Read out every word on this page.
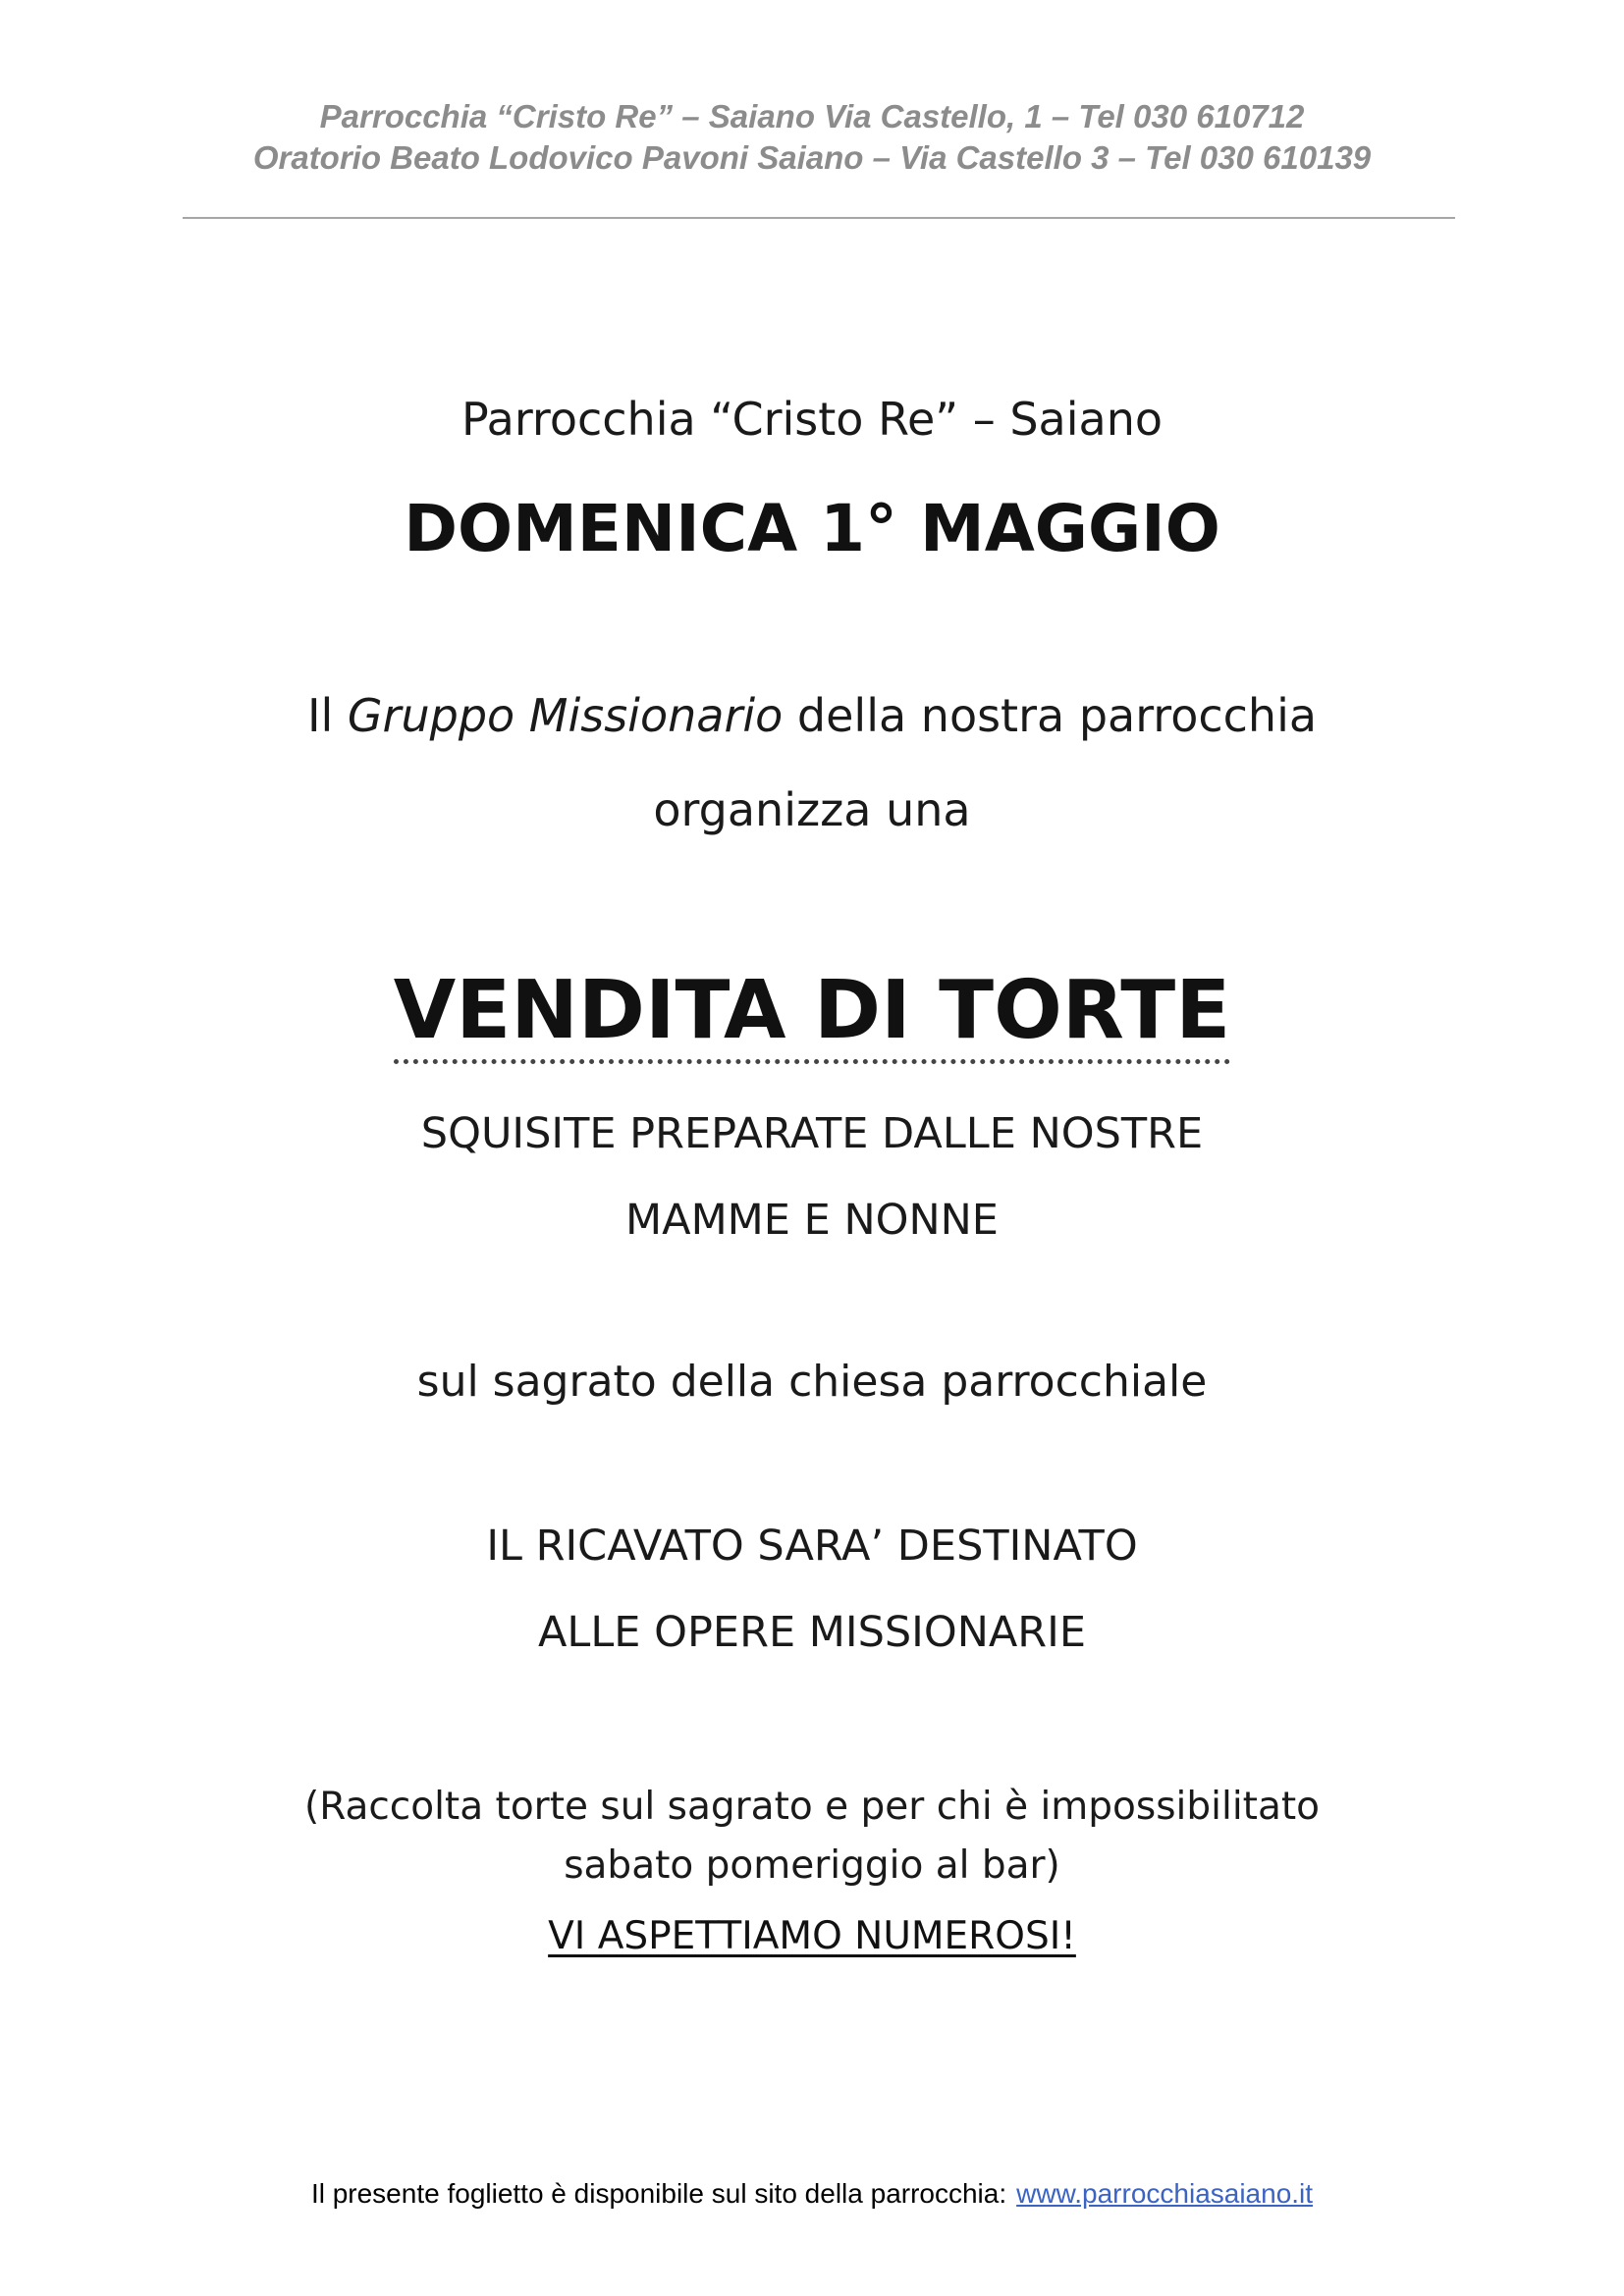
Parrocchia “Cristo Re” – Saiano Via Castello, 1 – Tel 030 610712
Oratorio Beato Lodovico Pavoni Saiano – Via Castello 3 – Tel 030 610139
Parrocchia “Cristo Re” – Saiano
DOMENICA 1° MAGGIO
Il Gruppo Missionario della nostra parrocchia
organizza una
VENDITA DI TORTE
SQUISITE PREPARATE DALLE NOSTRE
MAMME E NONNE
sul sagrato della chiesa parrocchiale
IL RICAVATO SARA’ DESTINATO
ALLE OPERE MISSIONARIE
(Raccolta torte sul sagrato e per chi è impossibilitato
sabato pomeriggio al bar)
VI ASPETTIAMO NUMEROSI!
Il presente foglietto è disponibile sul sito della parrocchia: www.parrocchiasaiano.it
